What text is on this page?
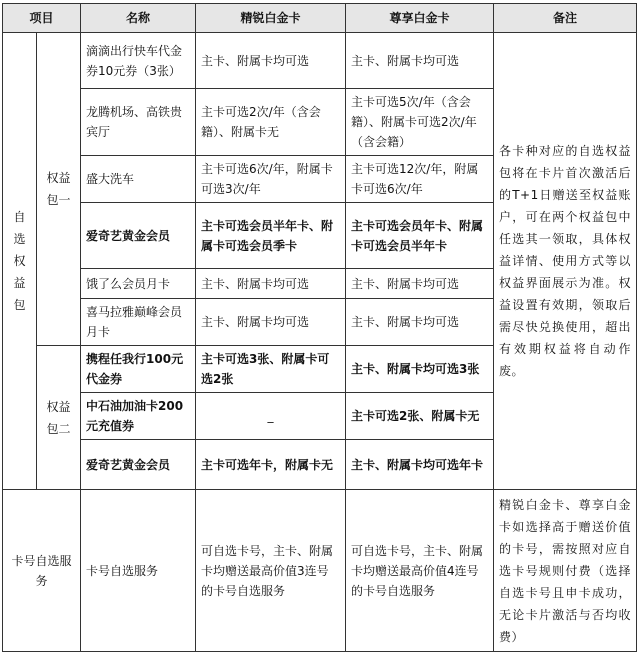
项目		名称	精锐白金卡	尊享白金卡	备注
自选权益包	权益包一	滴滴出行快车代金券10元券（3张）	主卡、附属卡均可选	主卡、附属卡均可选	各卡种对应的自选权益包将在卡片首次激活后的T+1日赠送至权益账户，可在两个权益包中任选其一领取，具体权益详情、使用方式等以权益界面展示为准。权益设置有效期，领取后需尽快兑换使用，超出有效期权益将自动作废。
		龙腾机场、高铁贵宾厅	主卡可选2次/年（含会籍）、附属卡无	主卡可选5次/年（含会籍）、附属卡可选2次/年（含会籍）	
		盛大洗车	主卡可选6次/年，附属卡可选3次/年	主卡可选12次/年，附属卡可选6次/年	
		爱奇艺黄金会员	主卡可选会员半年卡、附属卡可选会员季卡	主卡可选会员年卡、附属卡可选会员半年卡	
		饿了么会员月卡	主卡、附属卡均可选	主卡、附属卡均可选	
		喜马拉雅巅峰会员月卡	主卡、附属卡均可选	主卡、附属卡均可选	
	权益包二	携程任我行100元代金券	主卡可选3张、附属卡可选2张	主卡、附属卡均可选3张	
		中石油加油卡200元充值券	_	主卡可选2张、附属卡无	
		爱奇艺黄金会员	主卡可选年卡，附属卡无	主卡、附属卡均可选年卡	
卡号自选服务		卡号自选服务	可自选卡号，主卡、附属卡均赠送最高价值3连号的卡号自选服务	可自选卡号，主卡、附属卡均赠送最高价值4连号的卡号自选服务	精锐白金卡、尊享白金卡如选择高于赠送价值的卡号，需按照对应自选卡号规则付费（选择自选卡号且申卡成功，无论卡片激活与否均收费）
